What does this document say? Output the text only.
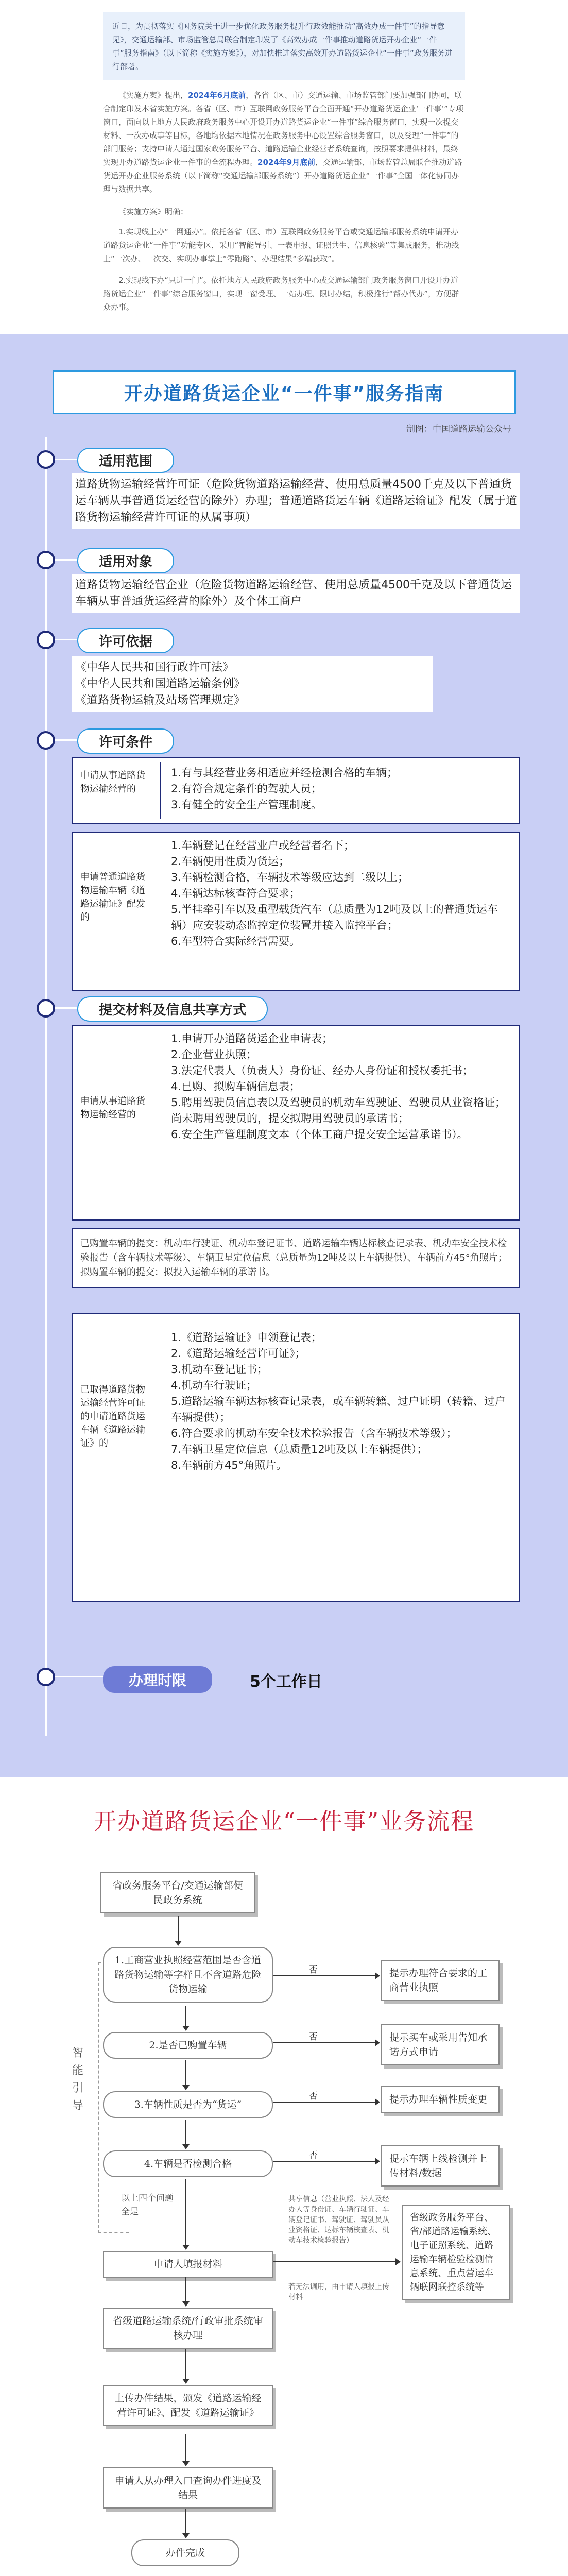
近日，为贯彻落实《国务院关于进一步优化政务服务提升行政效能推动“高效办成一件事”的指导意见》，交通运输部、市场监管总局联合制定印发了《高效办成一件事推动道路货运开办企业“一件事”服务指南》（以下简称《实施方案》），对加快推进落实高效开办道路货运企业“一件事”政务服务进行部署。

《实施方案》提出，2024年6月底前，各省（区、市）交通运输、市场监管部门要加强部门协同，联合制定印发本省实施方案。各省（区、市）互联网政务服务平台全面开通“开办道路货运企业‘一件事’”专项窗口，面向以上地方人民政府政务服务中心开设开办道路货运企业“一件事”综合服务窗口，实现一次提交材料、一次办成事等目标，各地均依据本地情况在政务服务中心设置综合服务窗口，以及受理“一件事”的部门服务；支持申请人通过国家政务服务平台、道路运输企业经营者系统查询，按照要求提供材料，最终实现开办道路货运企业一件事的全流程办理。2024年9月底前，交通运输部、市场监管总局联合推动道路货运开办企业服务系统（以下简称“交通运输部服务系统”）开办道路货运企业“一件事”全国一体化协同办理与数据共享。

《实施方案》明确：

1.实现线上办“一网通办”。依托各省（区、市）互联网政务服务平台或交通运输部服务系统申请开办道路货运企业“一件事”功能专区，采用“智能导引、一表申报、证照共生、信息核验”等集成服务，推动线上“一次办、一次交、实现办事掌上“零跑路”、办理结果“多端获取”。

2.实现线下办“只进一门”。依托地方人民政府政务服务中心或交通运输部门政务服务窗口开设开办道路货运企业“一件事”综合服务窗口，实现一窗受理、一站办理、限时办结，积极推行“帮办代办”，方便群众办事。

开办道路货运企业“一件事”服务指南
制图：中国道路运输公众号
适用范围
道路货物运输经营许可证（危险货物道路运输经营、使用总质量4500千克及以下普通货运车辆从事普通货运经营的除外）办理；普通道路货运车辆《道路运输证》配发（属于道路货物运输经营许可证的从属事项）
适用对象
道路货物运输经营企业（危险货物道路运输经营、使用总质量4500千克及以下普通货运车辆从事普通货运经营的除外）及个体工商户
许可依据
《中华人民共和国行政许可法》
《中华人民共和国道路运输条例》
《道路货物运输及站场管理规定》
许可条件
申请从事道路货物运输经营的
1.有与其经营业务相适应并经检测合格的车辆；
2.有符合规定条件的驾驶人员；
3.有健全的安全生产管理制度。
申请普通道路货物运输车辆《道路运输证》配发的
1.车辆登记在经营业户或经营者名下；
2.车辆使用性质为货运；
3.车辆检测合格，车辆技术等级应达到二级以上；
4.车辆达标核查符合要求；
5.半挂牵引车以及重型载货汽车（总质量为12吨及以上的普通货运车辆）应安装动态监控定位装置并接入监控平台；
6.车型符合实际经营需要。
提交材料及信息共享方式
申请从事道路货物运输经营的
1.申请开办道路货运企业申请表；
2.企业营业执照；
3.法定代表人（负责人）身份证、经办人身份证和授权委托书；
4.已购、拟购车辆信息表；
5.聘用驾驶员信息表以及驾驶员的机动车驾驶证、驾驶员从业资格证；尚未聘用驾驶员的，提交拟聘用驾驶员的承诺书；
6.安全生产管理制度文本（个体工商户提交安全运营承诺书）。
已购置车辆的提交：机动车行驶证、机动车登记证书、道路运输车辆达标核查记录表、机动车安全技术检验报告（含车辆技术等级）、车辆卫星定位信息（总质量为12吨及以上车辆提供）、车辆前方45°角照片；拟购置车辆的提交：拟投入运输车辆的承诺书。
已取得道路货物运输经营许可证的申请道路货运车辆《道路运输证》的
1.《道路运输证》申领登记表；
2.《道路运输经营许可证》；
3.机动车登记证书；
4.机动车行驶证；
5.道路运输车辆达标核查记录表，或车辆转籍、过户证明（转籍、过户车辆提供）；
6.符合要求的机动车安全技术检验报告（含车辆技术等级）；
7.车辆卫星定位信息（总质量12吨及以上车辆提供）；
8.车辆前方45°角照片。
办理时限	5个工作日
开办道路货运企业“一件事”业务流程
省政务服务平台/交通运输部便民政务系统
智能引导
1.工商营业执照经营范围是否含道路货物运输等字样且不含道路危险货物运输
否	提示办理符合要求的工商营业执照
2.是否已购置车辆
否	提示买车或采用告知承诺方式申请
3.车辆性质是否为“货运”
否	提示办理车辆性质变更
4.车辆是否检测合格
否	提示车辆上线检测并上传材料/数据
以上四个问题全是
申请人填报材料
共享信息（营业执照、法人及经办人等身份证、车辆行驶证、车辆登记证书、驾驶证、驾驶员从业资格证、达标车辆核查表、机动车技术检验报告）
省级政务服务平台、省/部道路运输系统、电子证照系统、道路运输车辆检验检测信息系统、重点营运车辆联网联控系统等
若无法调用，由申请人填报上传材料
省级道路运输系统/行政审批系统审核办理
上传办件结果，颁发《道路运输经营许可证》、配发《道路运输证》
申请人从办理入口查询办件进度及结果
办件完成
